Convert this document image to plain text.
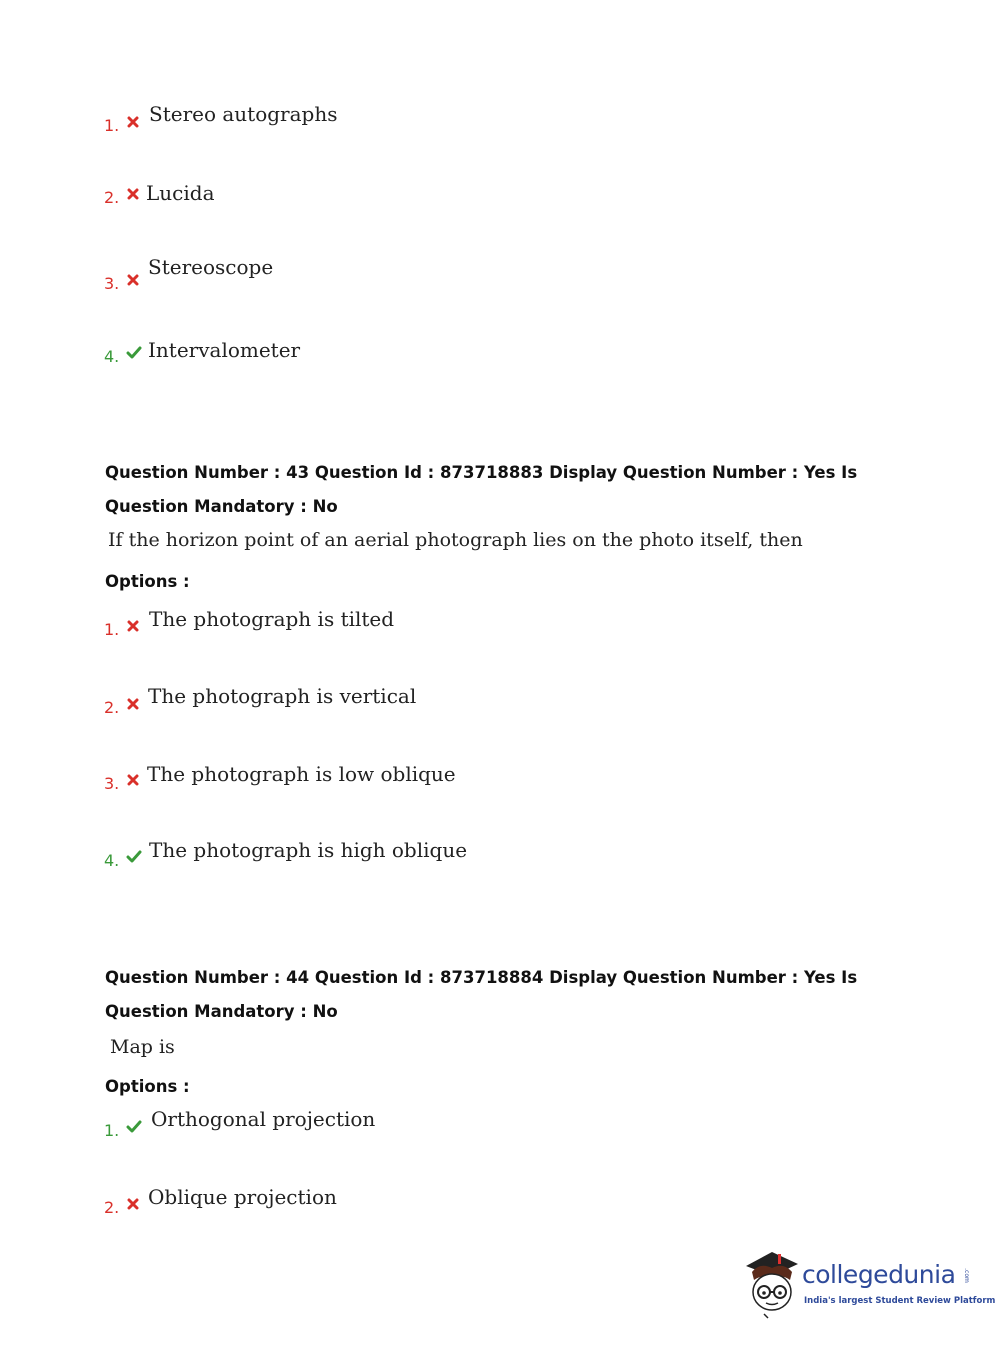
1. Stereo autographs
2. Lucida
3.
Stereoscope
4. Intervalometer
Question Number : 43 Question Id : 873718883 Display Question Number : Yes Is Question Mandatory : No
If the horizon point of an aerial photograph lies on the photo itself, then
Options :
1. The photograph is tilted
2. The photograph is vertical
3. The photograph is low oblique
4. The photograph is high oblique
Question Number : 44 Question Id : 873718884 Display Question Number : Yes Is Question Mandatory : No
Map is
Options :
1. Orthogonal projection
2. Oblique projection
collegedunia .com
India's largest Student Review Platform
